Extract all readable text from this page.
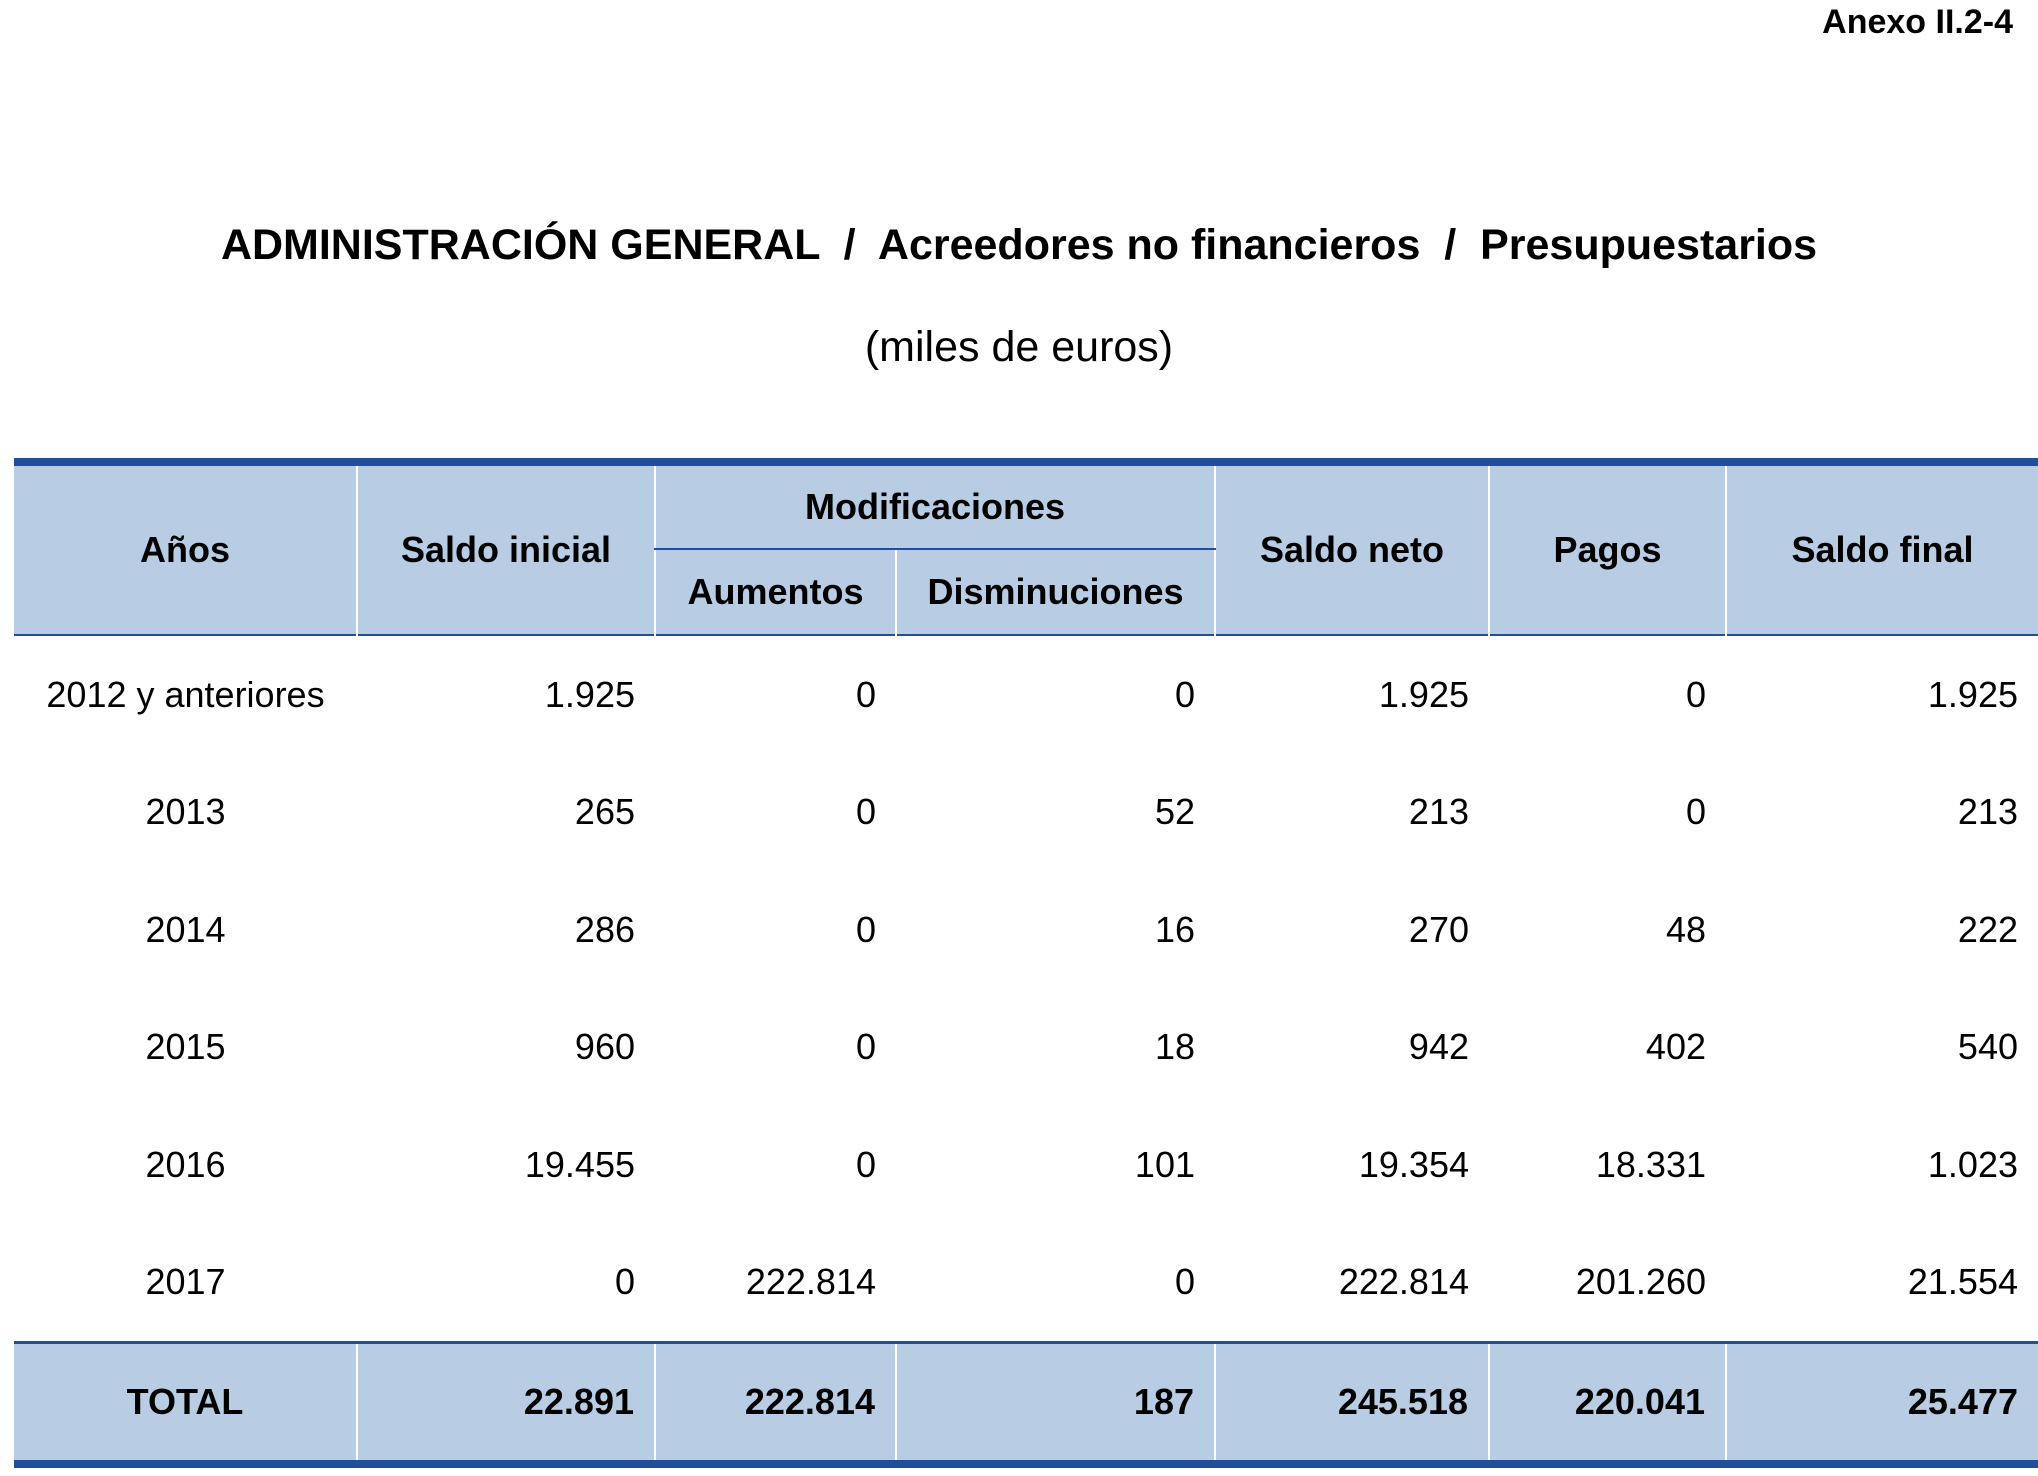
Anexo II.2-4
ADMINISTRACIÓN GENERAL  /  Acreedores no financieros  /  Presupuestarios
(miles de euros)
Años	Saldo inicial	Modificaciones		Saldo neto	Pagos	Saldo final
		Aumentos	Disminuciones			
2012 y anteriores	1.925	0	0	1.925	0	1.925
2013	265	0	52	213	0	213
2014	286	0	16	270	48	222
2015	960	0	18	942	402	540
2016	19.455	0	101	19.354	18.331	1.023
2017	0	222.814	0	222.814	201.260	21.554
TOTAL	22.891	222.814	187	245.518	220.041	25.477
